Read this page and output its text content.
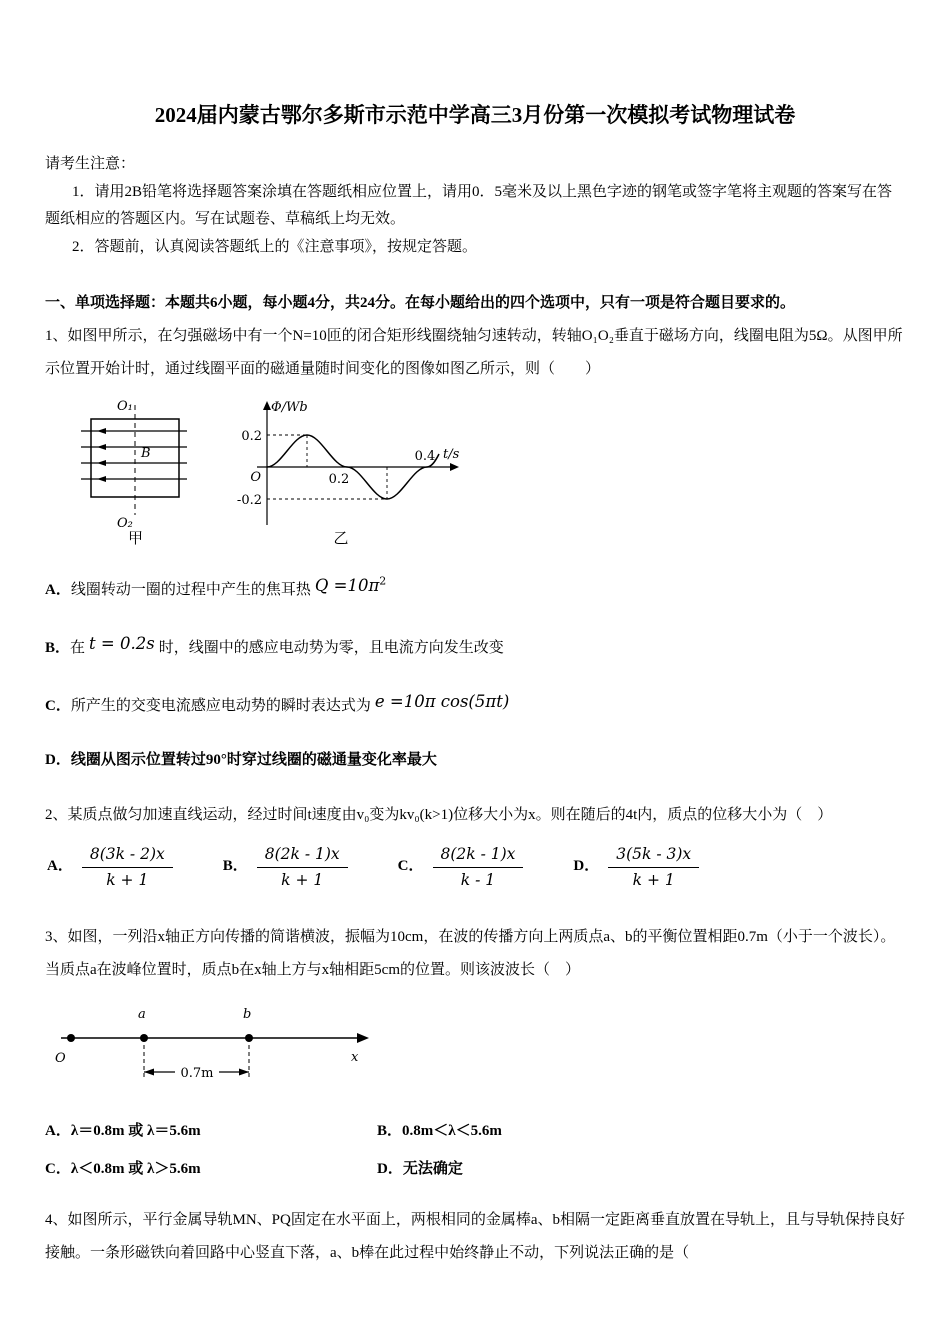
2024届内蒙古鄂尔多斯市示范中学高三3月份第一次模拟考试物理试卷

请考生注意：

1．请用2B铅笔将选择题答案涂填在答题纸相应位置上，请用0．5毫米及以上黑色字迹的钢笔或签字笔将主观题的答案写在答题纸相应的答题区内。写在试题卷、草稿纸上均无效。

2．答题前，认真阅读答题纸上的《注意事项》，按规定答题。

一、单项选择题：本题共6小题，每小题4分，共24分。在每小题给出的四个选项中，只有一项是符合题目要求的。

1、如图甲所示，在匀强磁场中有一个N=10匝的闭合矩形线圈绕轴匀速转动，转轴O₁O₂垂直于磁场方向，线圈电阻为5Ω。从图甲所示位置开始计时，通过线圈平面的磁通量随时间变化的图像如图乙所示，则（　　）

O₁
B
O₂
甲
Φ/Wb
t/s
0.2
-0.2
O	0.2
0.4
乙
A．线圈转动一圈的过程中产生的焦耳热 $Q =10\pi^2$
B．在 t = 0.2s 时，线圈中的感应电动势为零，且电流方向发生改变
C．所产生的交变电流感应电动势的瞬时表达式为 e =10π cos(5πt)
D．线圈从图示位置转过90°时穿过线圈的磁通量变化率最大

2、某质点做匀加速直线运动，经过时间t速度由v₀变为kv₀(k>1)位移大小为x。则在随后的4t内，质点的位移大小为（　）

A． $\frac{8(3k - 2)x}{k + 1}$	B． $\frac{8(2k - 1)x}{k + 1}$	C． $\frac{8(2k - 1)x}{k - 1}$	D． $\frac{3(5k - 3)x}{k + 1}$

3、如图，一列沿x轴正方向传播的简谐横波，振幅为10cm，在波的传播方向上两质点a、b的平衡位置相距0.7m（小于一个波长）。当质点a在波峰位置时，质点b在x轴上方与x轴相距5cm的位置。则该波波长（　）

O
a	b
0.7m
x
A．λ＝0.8m 或 λ＝5.6m	B．0.8m＜λ＜5.6m
C．λ＜0.8m 或 λ＞5.6m	D．无法确定

4、如图所示，平行金属导轨MN、PQ固定在水平面上，两根相同的金属棒a、b相隔一定距离垂直放置在导轨上，且与导轨保持良好接触。一条形磁铁向着回路中心竖直下落，a、b棒在此过程中始终静止不动，下列说法正确的是（
